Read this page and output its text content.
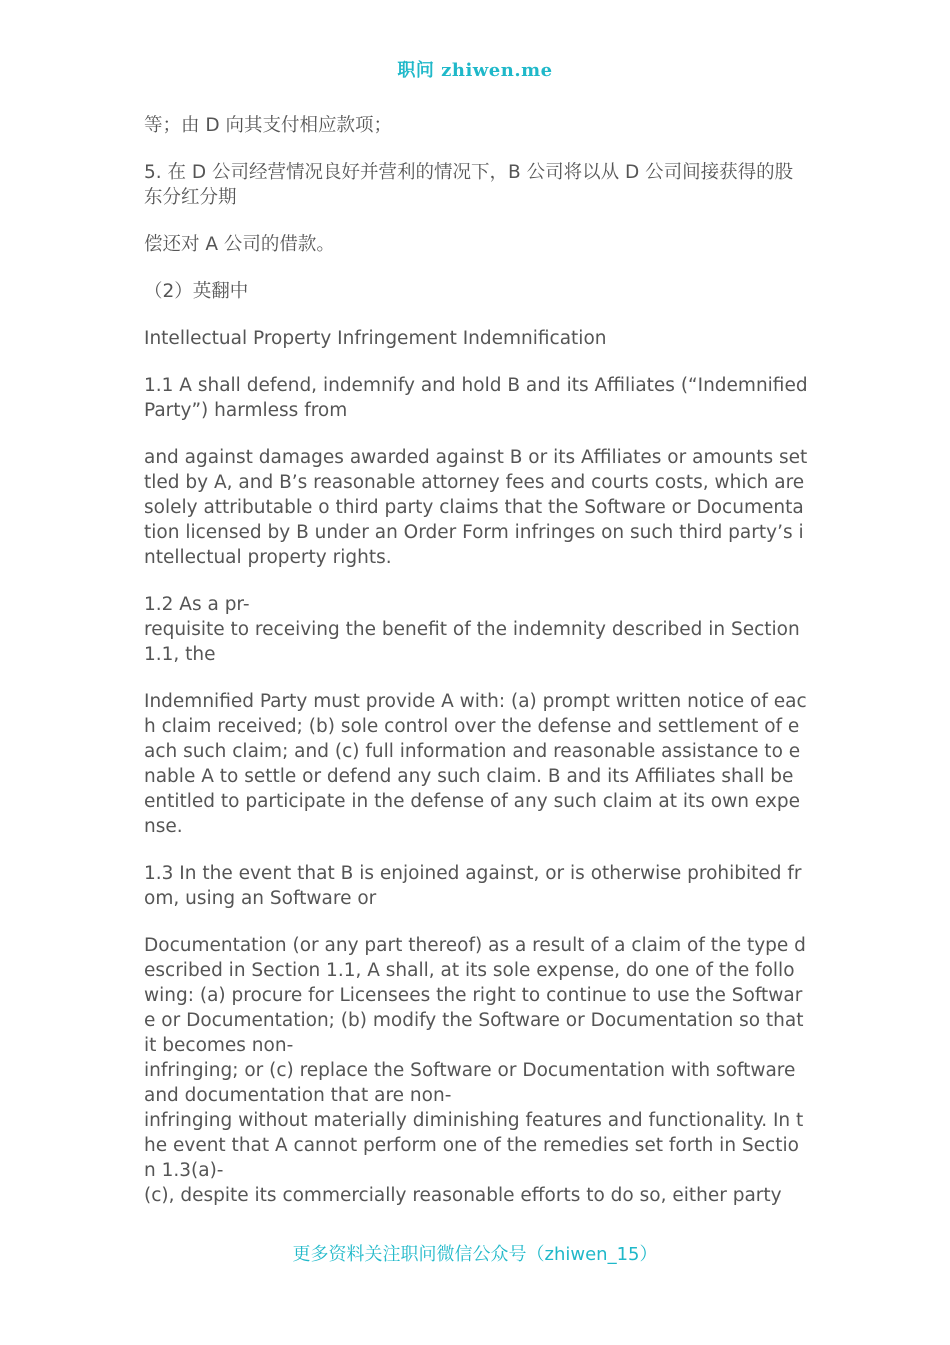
职问 zhiwen.me

等；由 D 向其支付相应款项；

5. 在 D 公司经营情况良好并营利的情况下，B 公司将以从 D 公司间接获得的股东分红分期

偿还对 A 公司的借款。

（2）英翻中

Intellectual Property Infringement Indemnification

1.1 A shall defend, indemnify and hold B and its Affiliates (“Indemnified Party”) harmless from

and against damages awarded against B or its Affiliates or amounts settled by A, and B’s reasonable attorney fees and courts costs, which are solely attributable o third party claims that the Software or Documentation licensed by B under an Order Form infringes on such third party’s intellectual property rights.

1.2 As a pr-

requisite to receiving the benefit of the indemnity described in Section 1.1, the

Indemnified Party must provide A with: (a) prompt written notice of each claim received; (b) sole control over the defense and settlement of each such claim; and (c) full information and reasonable assistance to enable A to settle or defend any such claim. B and its Affiliates shall be entitled to participate in the defense of any such claim at its own expense.

1.3 In the event that B is enjoined against, or is otherwise prohibited from, using an Software or

Documentation (or any part thereof) as a result of a claim of the type described in Section 1.1, A shall, at its sole expense, do one of the following: (a) procure for Licensees the right to continue to use the Software or Documentation; (b) modify the Software or Documentation so that it becomes non-

infringing; or (c) replace the Software or Documentation with software and documentation that are non-

infringing without materially diminishing features and functionality. In the event that A cannot perform one of the remedies set forth in Section 1.3(a)-

(c), despite its commercially reasonable efforts to do so, either party

更多资料关注职问微信公众号（zhiwen_15）
